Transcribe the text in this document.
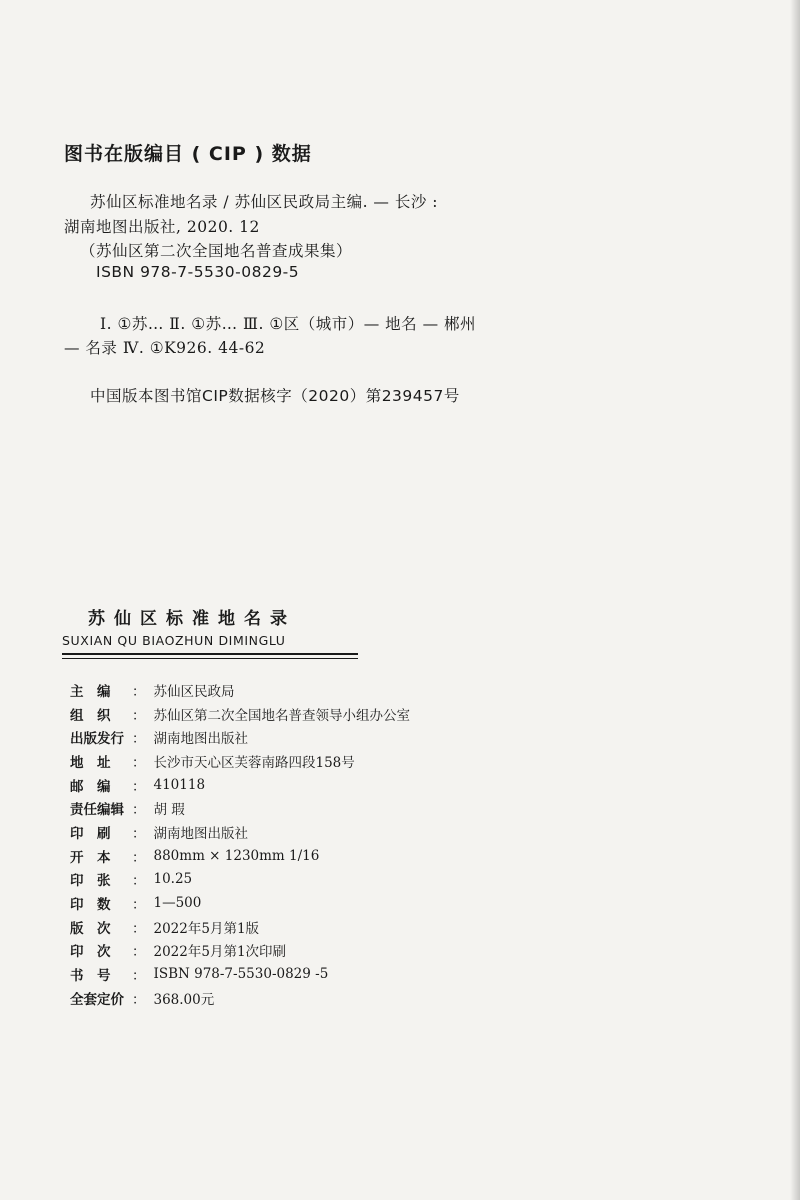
图书在版编目 ( CIP ) 数据
苏仙区标准地名录 / 苏仙区民政局主编. — 长沙 :
湖南地图出版社, 2020. 12
（苏仙区第二次全国地名普查成果集）
ISBN 978-7-5530-0829-5
Ⅰ. ①苏… Ⅱ. ①苏… Ⅲ. ①区（城市）— 地名 — 郴州
— 名录 Ⅳ. ①K926. 44-62
中国版本图书馆CIP数据核字（2020）第239457号
苏仙区标准地名录
SUXIAN QU BIAOZHUN DIMINGLU
主　编	： 苏仙区民政局
组　织	： 苏仙区第二次全国地名普查领导小组办公室
出版发行 ： 湖南地图出版社
地　址	： 长沙市天心区芙蓉南路四段158号
邮　编	： 410118
责任编辑 ： 胡 瑕
印　刷	： 湖南地图出版社
开　本	： 880mm × 1230mm 1/16
印　张	： 10.25
印　数	： 1—500
版　次	： 2022年5月第1版
印　次	： 2022年5月第1次印刷
书　号	： ISBN 978-7-5530-0829 -5
全套定价 ： 368.00元
